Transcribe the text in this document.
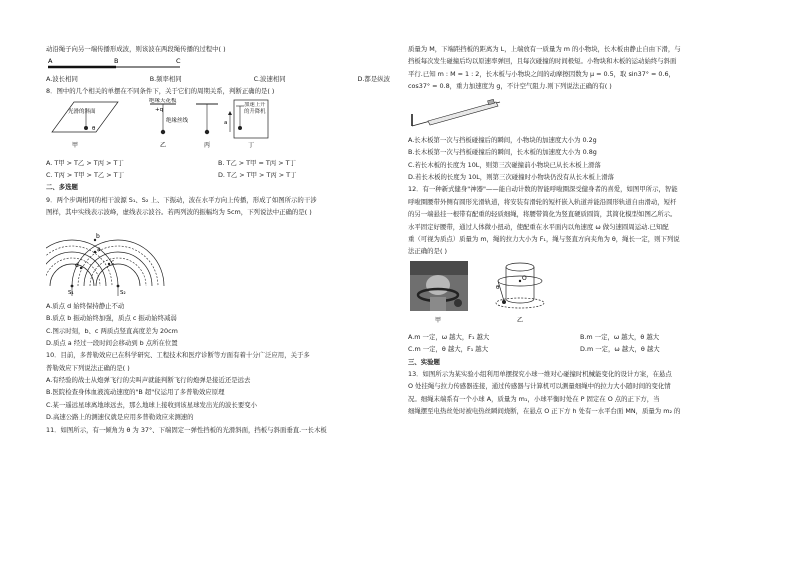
动沿绳子向另一端传播形成波，则该波在两段绳传播的过程中( )
A	B	C
A.波长相同	B.频率相同	C.波速相同	D.都是纵波
8．图中的几个相关的单摆在不同条件下，关于它们的周期关系，判断正确的是( )
光滑的斜面
θ
甲
绝缘天花板
+q
绝缘丝线
乙	丙
a
加速上升的升降机
丁
A. T甲 > T乙 > T丙 > T丁	B. T乙 > T甲 = T丙 > T丁
C. T丙 > T甲 > T乙 > T丁	D. T乙 > T甲 > T丙 > T丁
二、多选题
9．两个步调相同的相干波源 S₁、S₂ 上、下振动，波在水平方向上传播，形成了如图所示的干涉
图样，其中实线表示波峰，虚线表示波谷。若两列波的振幅均为 5cm，下列说法中正确的是( )
b
a
c
d
S₁	S₂
A.质点 d 始终保持静止不动
B.质点 b 振动始终加强，质点 c 振动始终减弱
C.图示时刻，b、c 两质点竖直高度差为 20cm
D.质点 a 经过一段时间会移动到 b 点所在位置
10．目前，多普勒效应已在科学研究、工程技术和医疗诊断等方面有着十分广泛应用，关于多
普勒效应下列说法正确的是( )
A.有经验的战士从炮弹飞行的尖叫声就能判断飞行的炮弹是接近还是远去
B.医院检查身体血液流动速度的"B 超"仪运用了多普勒效应原理
C.某一遥远星球离地球远去，那么地球上接收到该星球发出光的波长要变小
D.高速公路上的测速仪就是应用多普勒效应来测速的
11．如图所示，有一倾角为 θ 为 37°、下端固定一弹性挡板的光滑斜面，挡板与斜面垂直.一长木板
质量为 M，下端距挡板的距离为 L，上端放有一质量为 m 的小物块，长木板由静止自由下滑，与
挡板每次发生碰撞后均以原速率弹回，且每次碰撞的时间极短。小物块和木板的运动始终与斜面
平行.已知 m : M = 1 : 2，长木板与小物块之间的动摩擦因数为 μ = 0.5，取 sin37° = 0.6，
cos37° = 0.8，重力加速度为 g，不计空气阻力.则下列说法正确的有( )
A.长木板第一次与挡板碰撞后的瞬间，小物块的加速度大小为 0.2g
B.长木板第一次与挡板碰撞后的瞬间，长木板的加速度大小为 0.8g
C.若长木板的长度为 10L，则第三次碰撞前小物块已从长木板上滑落
D.若长木板的长度为 10L，则第三次碰撞时小物块仍没有从长木板上滑落
12．有一种新式健身"神器"——能自动计数的智能呼啦圈深受健身者的喜爱，如图甲所示，智能
呼啦圈腰带外侧有圆形光滑轨道，将安装有滑轮的短杆嵌入轨道并能沿圆形轨道自由滑动，短杆
的另一端悬挂一根带有配重的轻质细绳，将腰带简化为竖直硬质圆筒，其简化模型如图乙所示。
水平固定好腰带，通过人体微小扭动，使配重在水平面内以角速度 ω 做匀速圆周运动.已知配
重（可视为质点）质量为 m，绳的拉力大小为 F₁，绳与竖直方向夹角为 θ，绳长一定，则下列说
法正确的是( )
甲
O
θ
乙
A.m 一定，ω 越大，F₁ 越大	B.m 一定，ω 越大，θ 越大
C.m 一定，θ 越大，F₁ 越大	D.m 一定，ω 越大，θ 越大
三、实验题
13．如图所示为某实验小组利用单摆探究小球一维对心碰撞时机械能变化的设计方案，在悬点
O 处挂绳与拉力传感器连接，通过传感器与计算机可以测量细绳中的拉力大小随时间的变化情
况。细绳末端系有一个小球 A，质量为 m₁，小球平衡时处在 P 固定在 O 点的正下方，当
细绳摆至电热丝处时被电热丝瞬间烧断，在悬点 O 正下方 h 处有一水平台面 MN，质量为 m₂ 的
